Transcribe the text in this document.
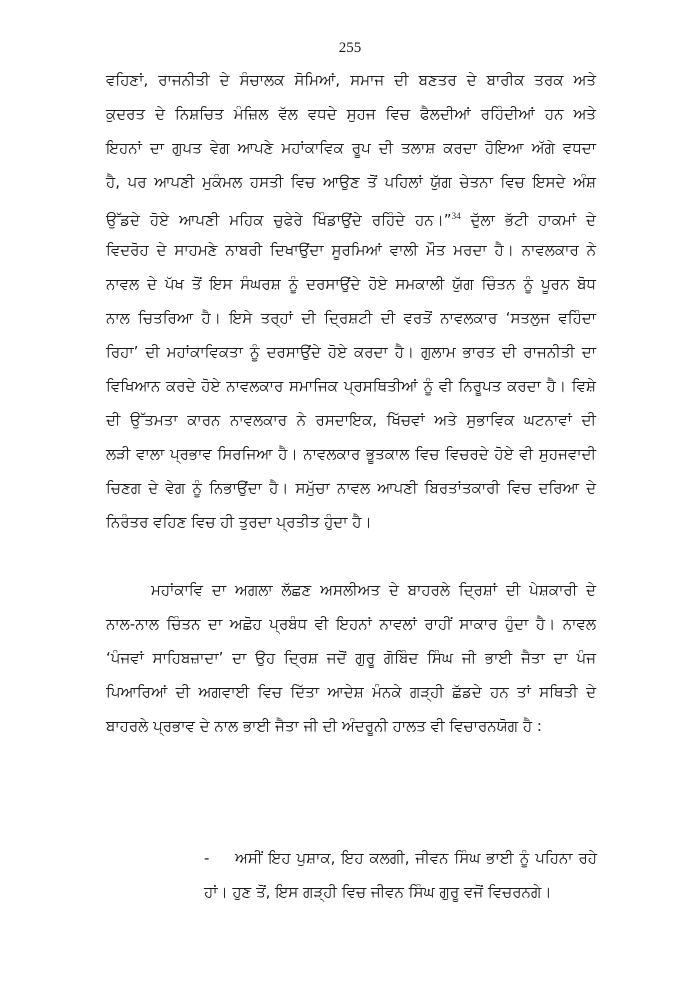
255
ਵਹਿਣਾਂ, ਰਾਜਨੀਤੀ ਦੇ ਸੰਚਾਲਕ ਸੋਮਿਆਂ, ਸਮਾਜ ਦੀ ਬਣਤਰ ਦੇ ਬਾਰੀਕ ਤਰਕ ਅਤੇ
ਕੁਦਰਤ ਦੇ ਨਿਸ਼ਚਿਤ ਮੰਜ਼ਿਲ ਵੱਲ ਵਧਦੇ ਸੁਹਜ ਵਿਚ ਫੈਲਦੀਆਂ ਰਹਿੰਦੀਆਂ ਹਨ ਅਤੇ
ਇਹਨਾਂ ਦਾ ਗੁਪਤ ਵੇਗ ਆਪਣੇ ਮਹਾਂਕਾਵਿਕ ਰੂਪ ਦੀ ਤਲਾਸ਼ ਕਰਦਾ ਹੋਇਆ ਅੱਗੇ ਵਧਦਾ
ਹੈ, ਪਰ ਆਪਣੀ ਮੁਕੰਮਲ ਹਸਤੀ ਵਿਚ ਆਉਣ ਤੋਂ ਪਹਿਲਾਂ ਯੁੱਗ ਚੇਤਨਾ ਵਿਚ ਇਸਦੇ ਅੰਸ਼
ਉੱਡਦੇ ਹੋਏ ਆਪਣੀ ਮਹਿਕ ਚੁਫੇਰੇ ਖਿੰਡਾਉਂਦੇ ਰਹਿੰਦੇ ਹਨ।”$^{34}$ ਦੁੱਲਾ ਭੱਟੀ ਹਾਕਮਾਂ ਦੇ
ਵਿਦਰੋਹ ਦੇ ਸਾਹਮਣੇ ਨਾਬਰੀ ਦਿਖਾਉਂਦਾ ਸੂਰਮਿਆਂ ਵਾਲੀ ਮੌਤ ਮਰਦਾ ਹੈ। ਨਾਵਲਕਾਰ ਨੇ
ਨਾਵਲ ਦੇ ਪੱਖ ਤੋਂ ਇਸ ਸੰਘਰਸ਼ ਨੂੰ ਦਰਸਾਉਂਦੇ ਹੋਏ ਸਮਕਾਲੀ ਯੁੱਗ ਚਿੰਤਨ ਨੂੰ ਪੂਰਨ ਬੋਧ
ਨਾਲ ਚਿਤਰਿਆ ਹੈ। ਇਸੇ ਤਰ੍ਹਾਂ ਦੀ ਦ੍ਰਿਸ਼ਟੀ ਦੀ ਵਰਤੋਂ ਨਾਵਲਕਾਰ ‘ਸਤਲੁਜ ਵਹਿੰਦਾ
ਰਿਹਾ’ ਦੀ ਮਹਾਂਕਾਵਿਕਤਾ ਨੂੰ ਦਰਸਾਉਂਦੇ ਹੋਏ ਕਰਦਾ ਹੈ। ਗੁਲਾਮ ਭਾਰਤ ਦੀ ਰਾਜਨੀਤੀ ਦਾ
ਵਿਖਿਆਨ ਕਰਦੇ ਹੋਏ ਨਾਵਲਕਾਰ ਸਮਾਜਿਕ ਪ੍ਰਸਥਿਤੀਆਂ ਨੂੰ ਵੀ ਨਿਰੂਪਤ ਕਰਦਾ ਹੈ। ਵਿਸ਼ੇ
ਦੀ ਉੱਤਮਤਾ ਕਾਰਨ ਨਾਵਲਕਾਰ ਨੇ ਰਸਦਾਇਕ, ਖਿੱਚਵਾਂ ਅਤੇ ਸੁਭਾਵਿਕ ਘਟਨਾਵਾਂ ਦੀ
ਲੜੀ ਵਾਲਾ ਪ੍ਰਭਾਵ ਸਿਰਜਿਆ ਹੈ। ਨਾਵਲਕਾਰ ਭੂਤਕਾਲ ਵਿਚ ਵਿਚਰਦੇ ਹੋਏ ਵੀ ਸੁਹਜਵਾਦੀ
ਚਿਣਗ ਦੇ ਵੇਗ ਨੂੰ ਨਿਭਾਉਂਦਾ ਹੈ। ਸਮੁੱਚਾ ਨਾਵਲ ਆਪਣੀ ਬਿਰਤਾਂਤਕਾਰੀ ਵਿਚ ਦਰਿਆ ਦੇ
ਨਿਰੰਤਰ ਵਹਿਣ ਵਿਚ ਹੀ ਤੁਰਦਾ ਪ੍ਰਤੀਤ ਹੁੰਦਾ ਹੈ।
ਮਹਾਂਕਾਵਿ ਦਾ ਅਗਲਾ ਲੱਛਣ ਅਸਲੀਅਤ ਦੇ ਬਾਹਰਲੇ ਦ੍ਰਿਸ਼ਾਂ ਦੀ ਪੇਸ਼ਕਾਰੀ ਦੇ
ਨਾਲ-ਨਾਲ ਚਿੰਤਨ ਦਾ ਅਛੋਹ ਪ੍ਰਬੰਧ ਵੀ ਇਹਨਾਂ ਨਾਵਲਾਂ ਰਾਹੀਂ ਸਾਕਾਰ ਹੁੰਦਾ ਹੈ। ਨਾਵਲ
‘ਪੰਜਵਾਂ ਸਾਹਿਬਜ਼ਾਦਾ’ ਦਾ ਉਹ ਦ੍ਰਿਸ਼ ਜਦੋਂ ਗੁਰੂ ਗੋਬਿੰਦ ਸਿੰਘ ਜੀ ਭਾਈ ਜੈਤਾ ਦਾ ਪੰਜ
ਪਿਆਰਿਆਂ ਦੀ ਅਗਵਾਈ ਵਿਚ ਦਿੱਤਾ ਆਦੇਸ਼ ਮੰਨਕੇ ਗੜ੍ਹੀ ਛੱਡਦੇ ਹਨ ਤਾਂ ਸਥਿਤੀ ਦੇ
ਬਾਹਰਲੇ ਪ੍ਰਭਾਵ ਦੇ ਨਾਲ ਭਾਈ ਜੈਤਾ ਜੀ ਦੀ ਅੰਦਰੂਨੀ ਹਾਲਤ ਵੀ ਵਿਚਾਰਨਯੋਗ ਹੈ :
- ਅਸੀਂ ਇਹ ਪੁਸ਼ਾਕ, ਇਹ ਕਲਗੀ, ਜੀਵਨ ਸਿੰਘ ਭਾਈ ਨੂੰ ਪਹਿਨਾ ਰਹੇ
ਹਾਂ। ਹੁਣ ਤੋਂ, ਇਸ ਗੜ੍ਹੀ ਵਿਚ ਜੀਵਨ ਸਿੰਘ ਗੁਰੂ ਵਜੋਂ ਵਿਚਰਨਗੇ।
